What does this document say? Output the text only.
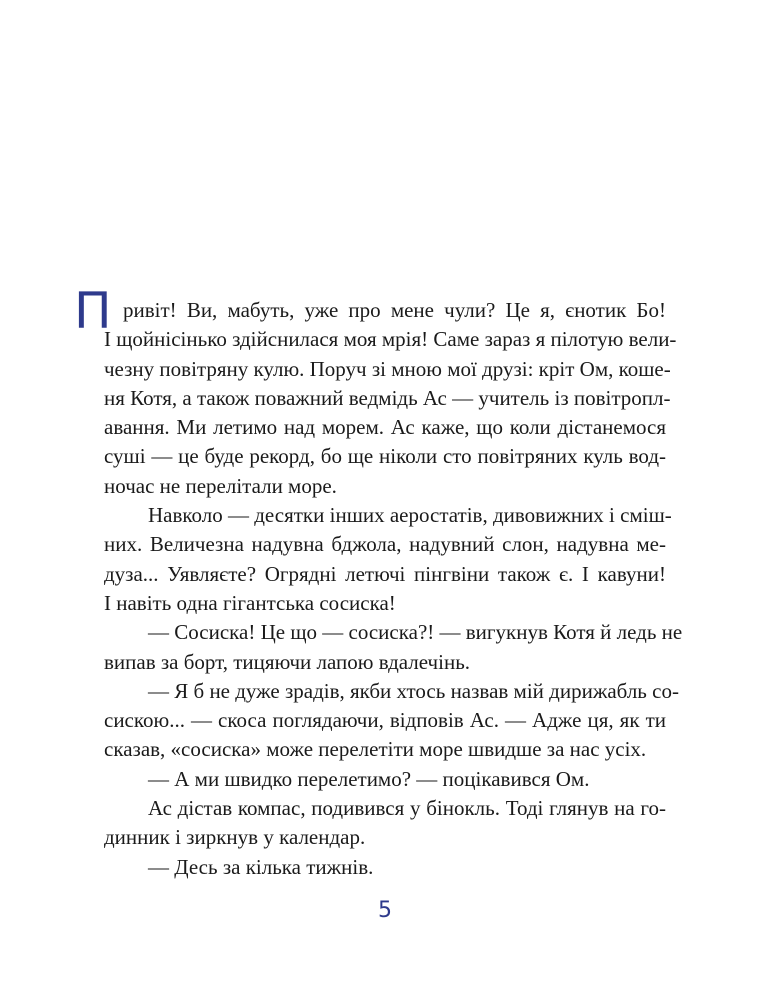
П ривіт! Ви, мабуть, уже про мене чули? Це я, єнотик Бо!
І щойнісінько здійснилася моя мрія! Саме зараз я пілотую вели-
чезну повітряну кулю. Поруч зі мною мої друзі: кріт Ом, коше-
ня Котя, а також поважний ведмідь Ас — учитель із повітропл-
авання. Ми летимо над морем. Ас каже, що коли дістанемося
суші — це буде рекорд, бо ще ніколи сто повітряних куль вод-
ночас не перелітали море.
Навколо — десятки інших аеростатів, дивовижних і смiш-
них. Величезна надувна бджола, надувний слон, надувна ме-
дуза... Уявляєте? Огрядні летючі пінгвіни також є. І кавуни!
І навіть одна гігантська сосиска!
— Сосиска! Це що — сосиска?! — вигукнув Котя й ледь не
випав за борт, тицяючи лапою вдалечінь.
— Я б не дуже зрадів, якби хтось назвав мій дирижабль со-
сискою... — скоса поглядаючи, відповів Ас. — Адже ця, як ти
сказав, «сосиска» може перелетіти море швидше за нас усіх.
— А ми швидко перелетимо? — поцікавився Ом.
Ас дістав компас, подивився у бінокль. Тоді глянув на го-
динник і зиркнув у календар.
— Десь за кілька тижнів.
5
